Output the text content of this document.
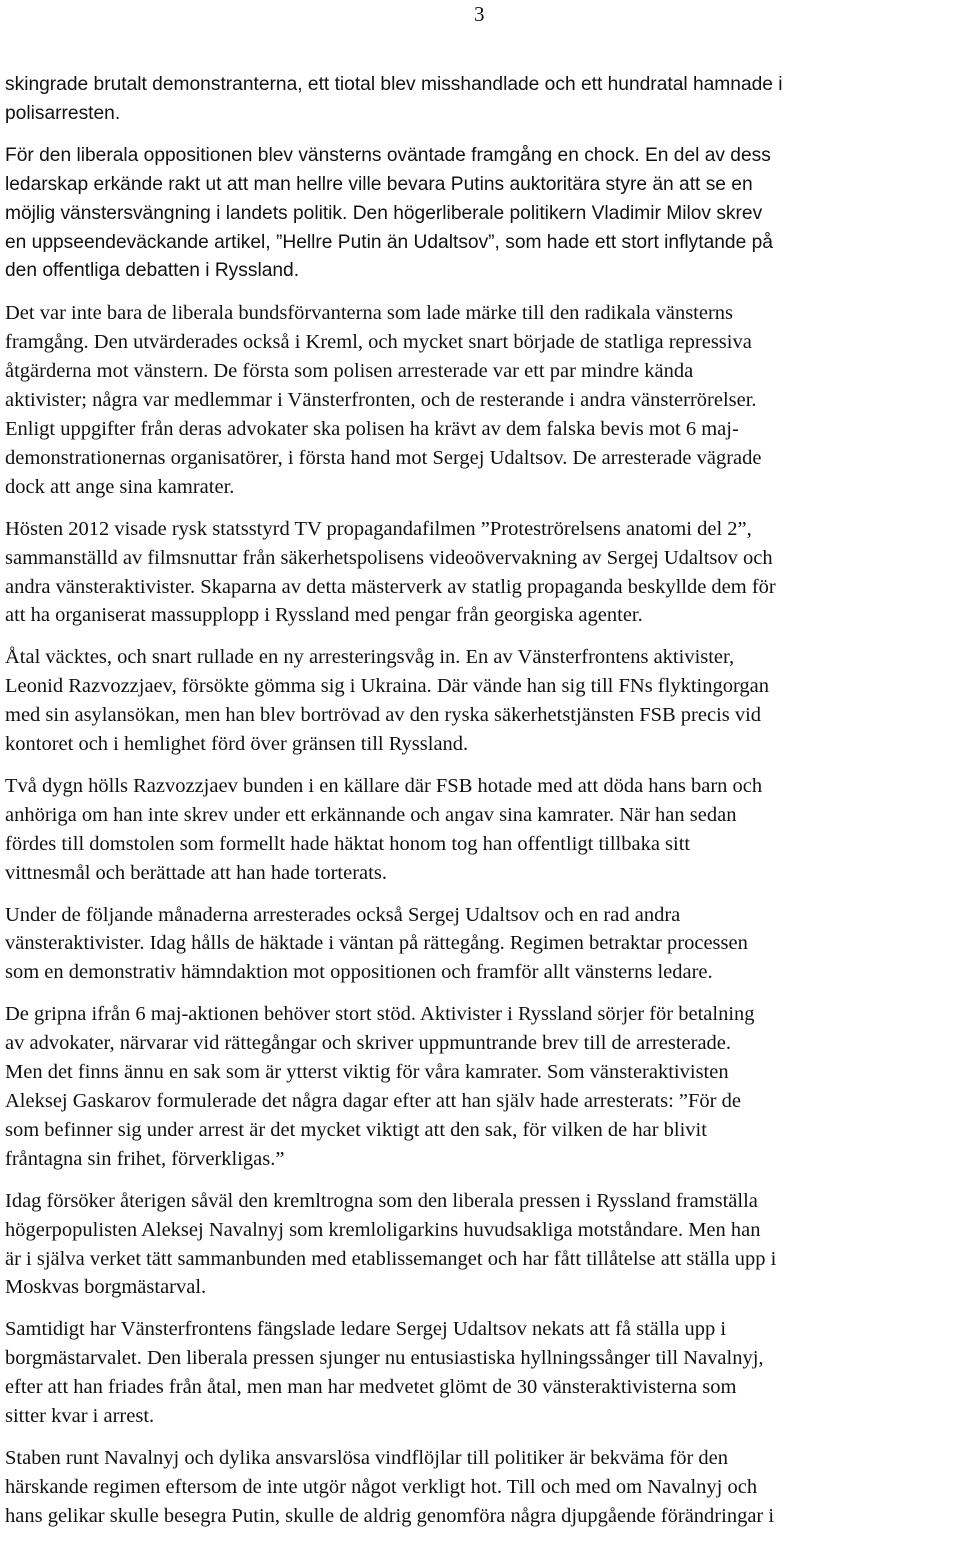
3

skingrade brutalt demonstranterna, ett tiotal blev misshandlade och ett hundratal hamnade i
polisarresten.

För den liberala oppositionen blev vänsterns oväntade framgång en chock. En del av dess
ledarskap erkände rakt ut att man hellre ville bevara Putins auktoritära styre än att se en
möjlig vänstersvängning i landets politik. Den högerliberale politikern Vladimir Milov skrev
en uppseendeväckande artikel, ”Hellre Putin än Udaltsov”, som hade ett stort inflytande på
den offentliga debatten i Ryssland.

Det var inte bara de liberala bundsförvanterna som lade märke till den radikala vänsterns
framgång. Den utvärderades också i Kreml, och mycket snart började de statliga repressiva
åtgärderna mot vänstern. De första som polisen arresterade var ett par mindre kända
aktivister; några var medlemmar i Vänsterfronten, och de resterande i andra vänsterrörelser.
Enligt uppgifter från deras advokater ska polisen ha krävt av dem falska bevis mot 6 maj-
demonstrationernas organisatörer, i första hand mot Sergej Udaltsov. De arresterade vägrade
dock att ange sina kamrater.

Hösten 2012 visade rysk statsstyrd TV propagandafilmen ”Proteströrelsens anatomi del 2”,
sammanställd av filmsnuttar från säkerhetspolisens videoövervakning av Sergej Udaltsov och
andra vänsteraktivister. Skaparna av detta mästerverk av statlig propaganda beskyllde dem för
att ha organiserat massupplopp i Ryssland med pengar från georgiska agenter.

Åtal väcktes, och snart rullade en ny arresteringsvåg in. En av Vänsterfrontens aktivister,
Leonid Razvozzjaev, försökte gömma sig i Ukraina. Där vände han sig till FNs flyktingorgan
med sin asylansökan, men han blev bortrövad av den ryska säkerhetstjänsten FSB precis vid
kontoret och i hemlighet förd över gränsen till Ryssland.

Två dygn hölls Razvozzjaev bunden i en källare där FSB hotade med att döda hans barn och
anhöriga om han inte skrev under ett erkännande och angav sina kamrater. När han sedan
fördes till domstolen som formellt hade häktat honom tog han offentligt tillbaka sitt
vittnesmål och berättade att han hade torterats.

Under de följande månaderna arresterades också Sergej Udaltsov och en rad andra
vänsteraktivister. Idag hålls de häktade i väntan på rättegång. Regimen betraktar processen
som en demonstrativ hämndaktion mot oppositionen och framför allt vänsterns ledare.

De gripna ifrån 6 maj-aktionen behöver stort stöd. Aktivister i Ryssland sörjer för betalning
av advokater, närvarar vid rättegångar och skriver uppmuntrande brev till de arresterade.
Men det finns ännu en sak som är ytterst viktig för våra kamrater. Som vänsteraktivisten
Aleksej Gaskarov formulerade det några dagar efter att han själv hade arresterats: ”För de
som befinner sig under arrest är det mycket viktigt att den sak, för vilken de har blivit
fråntagna sin frihet, förverkligas.”

Idag försöker återigen såväl den kremltrogna som den liberala pressen i Ryssland framställa
högerpopulisten Aleksej Navalnyj som kremloligarkins huvudsakliga motståndare. Men han
är i själva verket tätt sammanbunden med etablissemanget och har fått tillåtelse att ställa upp i
Moskvas borgmästarval.

Samtidigt har Vänsterfrontens fängslade ledare Sergej Udaltsov nekats att få ställa upp i
borgmästarvalet. Den liberala pressen sjunger nu entusiastiska hyllningssånger till Navalnyj,
efter att han friades från åtal, men man har medvetet glömt de 30 vänsteraktivisterna som
sitter kvar i arrest.

Staben runt Navalnyj och dylika ansvarslösa vindflöjlar till politiker är bekväma för den
härskande regimen eftersom de inte utgör något verkligt hot. Till och med om Navalnyj och
hans gelikar skulle besegra Putin, skulle de aldrig genomföra några djupgående förändringar i
